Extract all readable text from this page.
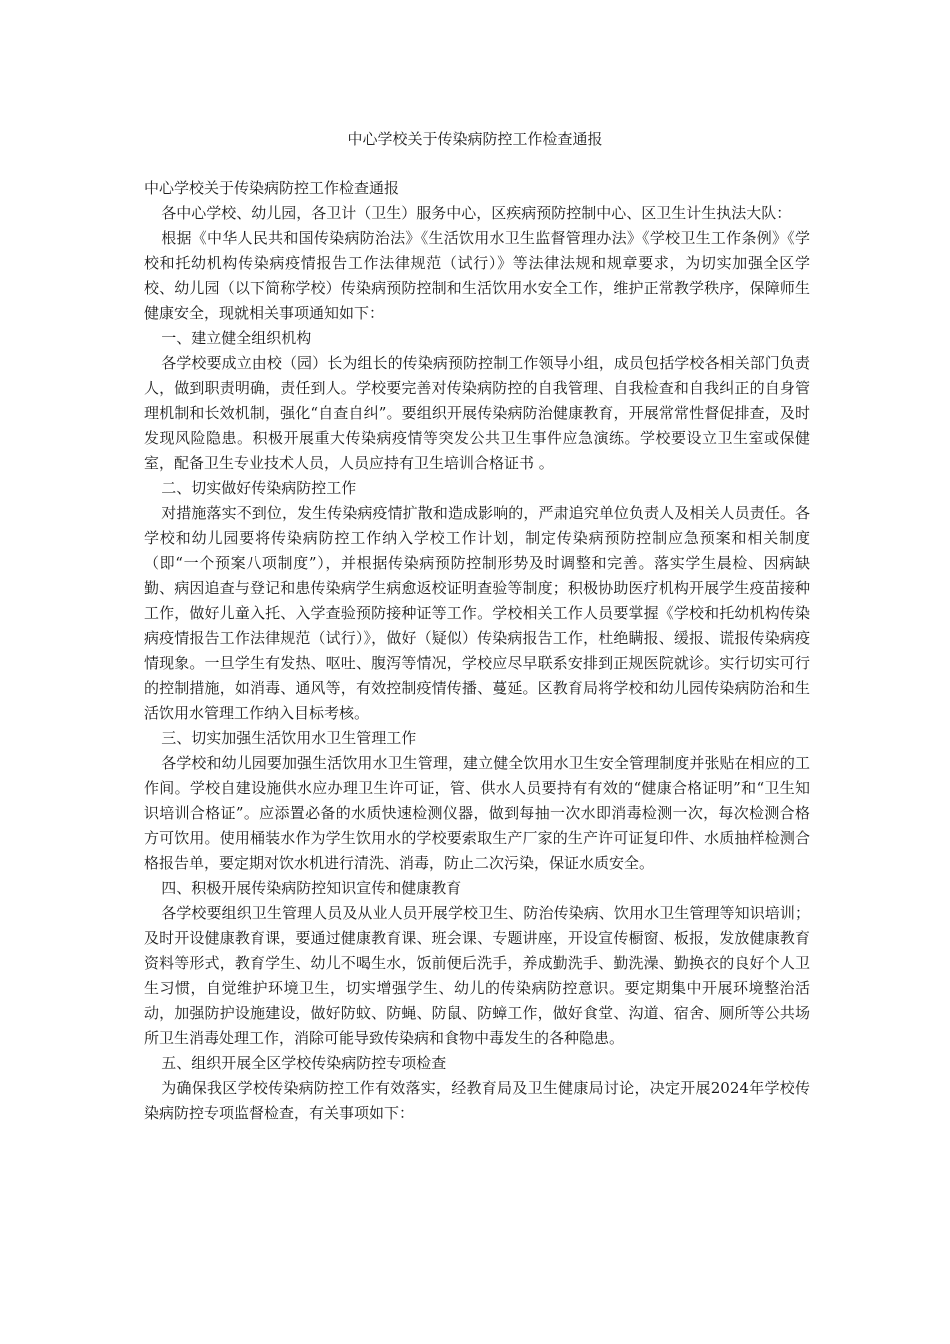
中心学校关于传染病防控工作检查通报

中心学校关于传染病防控工作检查通报

各中心学校、幼儿园，各卫计（卫生）服务中心，区疾病预防控制中心、区卫生计生执法大队：

根据《中华人民共和国传染病防治法》《生活饮用水卫生监督管理办法》《学校卫生工作条例》《学校和托幼机构传染病疫情报告工作法律规范（试行）》等法律法规和规章要求，为切实加强全区学校、幼儿园（以下简称学校）传染病预防控制和生活饮用水安全工作，维护正常教学秩序，保障师生健康安全，现就相关事项通知如下：

一、建立健全组织机构

各学校要成立由校（园）长为组长的传染病预防控制工作领导小组，成员包括学校各相关部门负责人，做到职责明确，责任到人。学校要完善对传染病防控的自我管理、自我检查和自我纠正的自身管理机制和长效机制，强化“自查自纠”。要组织开展传染病防治健康教育，开展常常性督促排查，及时发现风险隐患。积极开展重大传染病疫情等突发公共卫生事件应急演练。学校要设立卫生室或保健室，配备卫生专业技术人员，人员应持有卫生培训合格证书 。

二、切实做好传染病防控工作

对措施落实不到位，发生传染病疫情扩散和造成影响的，严肃追究单位负责人及相关人员责任。各学校和幼儿园要将传染病防控工作纳入学校工作计划，制定传染病预防控制应急预案和相关制度（即“一个预案八项制度”），并根据传染病预防控制形势及时调整和完善。落实学生晨检、因病缺勤、病因追查与登记和患传染病学生病愈返校证明查验等制度；积极协助医疗机构开展学生疫苗接种工作，做好儿童入托、入学查验预防接种证等工作。学校相关工作人员要掌握《学校和托幼机构传染病疫情报告工作法律规范（试行）》，做好（疑似）传染病报告工作，杜绝瞒报、缓报、谎报传染病疫情现象。一旦学生有发热、呕吐、腹泻等情况，学校应尽早联系安排到正规医院就诊。实行切实可行的控制措施，如消毒、通风等，有效控制疫情传播、蔓延。区教育局将学校和幼儿园传染病防治和生活饮用水管理工作纳入目标考核。

三、切实加强生活饮用水卫生管理工作

各学校和幼儿园要加强生活饮用水卫生管理，建立健全饮用水卫生安全管理制度并张贴在相应的工作间。学校自建设施供水应办理卫生许可证，管、供水人员要持有有效的“健康合格证明”和“卫生知识培训合格证”。应添置必备的水质快速检测仪器，做到每抽一次水即消毒检测一次，每次检测合格方可饮用。使用桶装水作为学生饮用水的学校要索取生产厂家的生产许可证复印件、水质抽样检测合格报告单，要定期对饮水机进行清洗、消毒，防止二次污染，保证水质安全。

四、积极开展传染病防控知识宣传和健康教育

各学校要组织卫生管理人员及从业人员开展学校卫生、防治传染病、饮用水卫生管理等知识培训；及时开设健康教育课，要通过健康教育课、班会课、专题讲座，开设宣传橱窗、板报，发放健康教育资料等形式，教育学生、幼儿不喝生水，饭前便后洗手，养成勤洗手、勤洗澡、勤换衣的良好个人卫生习惯，自觉维护环境卫生，切实增强学生、幼儿的传染病防控意识。要定期集中开展环境整治活动，加强防护设施建设，做好防蚊、防蝇、防鼠、防蟑工作，做好食堂、沟道、宿舍、厕所等公共场所卫生消毒处理工作，消除可能导致传染病和食物中毒发生的各种隐患。

五、组织开展全区学校传染病防控专项检查

为确保我区学校传染病防控工作有效落实，经教育局及卫生健康局讨论，决定开展2024年学校传染病防控专项监督检查，有关事项如下：
